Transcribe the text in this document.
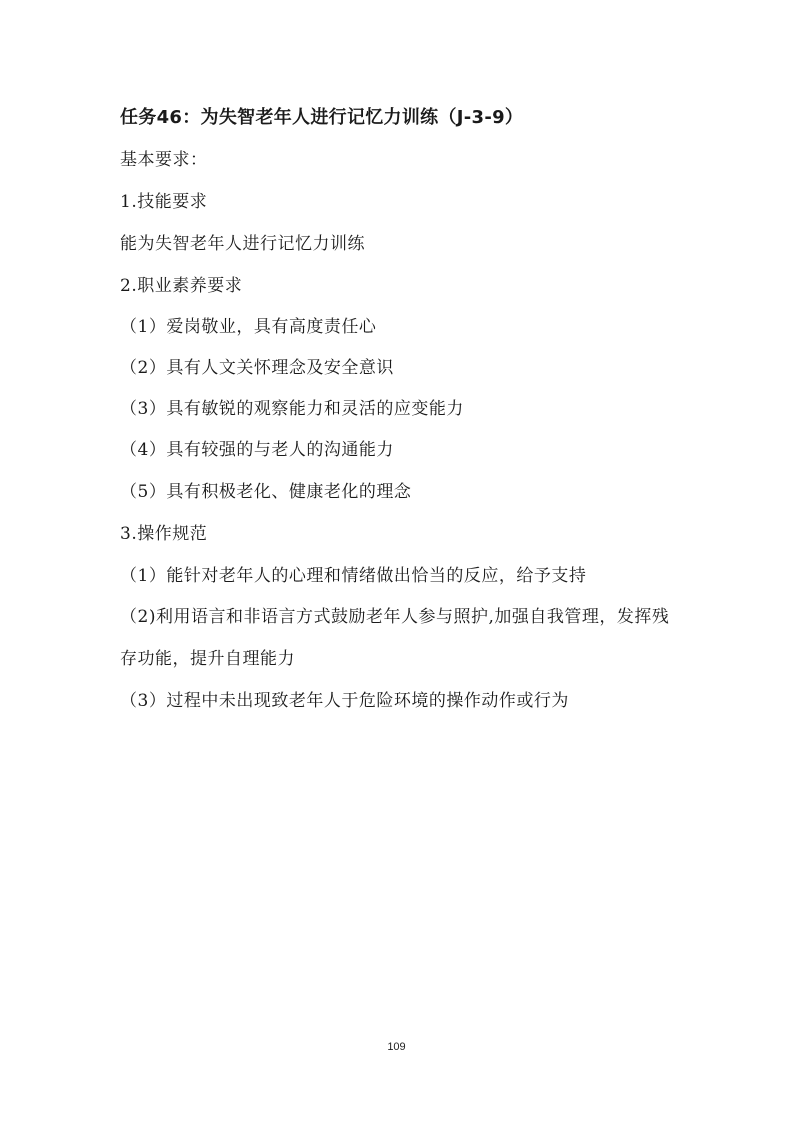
任务46：为失智老年人进行记忆力训练（J-3-9）
基本要求：
1.技能要求
能为失智老年人进行记忆力训练
2.职业素养要求
（1）爱岗敬业，具有高度责任心
（2）具有人文关怀理念及安全意识
（3）具有敏锐的观察能力和灵活的应变能力
（4）具有较强的与老人的沟通能力
（5）具有积极老化、健康老化的理念
3.操作规范
（1）能针对老年人的心理和情绪做出恰当的反应，给予支持
（2)利用语言和非语言方式鼓励老年人参与照护,加强自我管理，发挥残存功能，提升自理能力
（3）过程中未出现致老年人于危险环境的操作动作或行为
109
